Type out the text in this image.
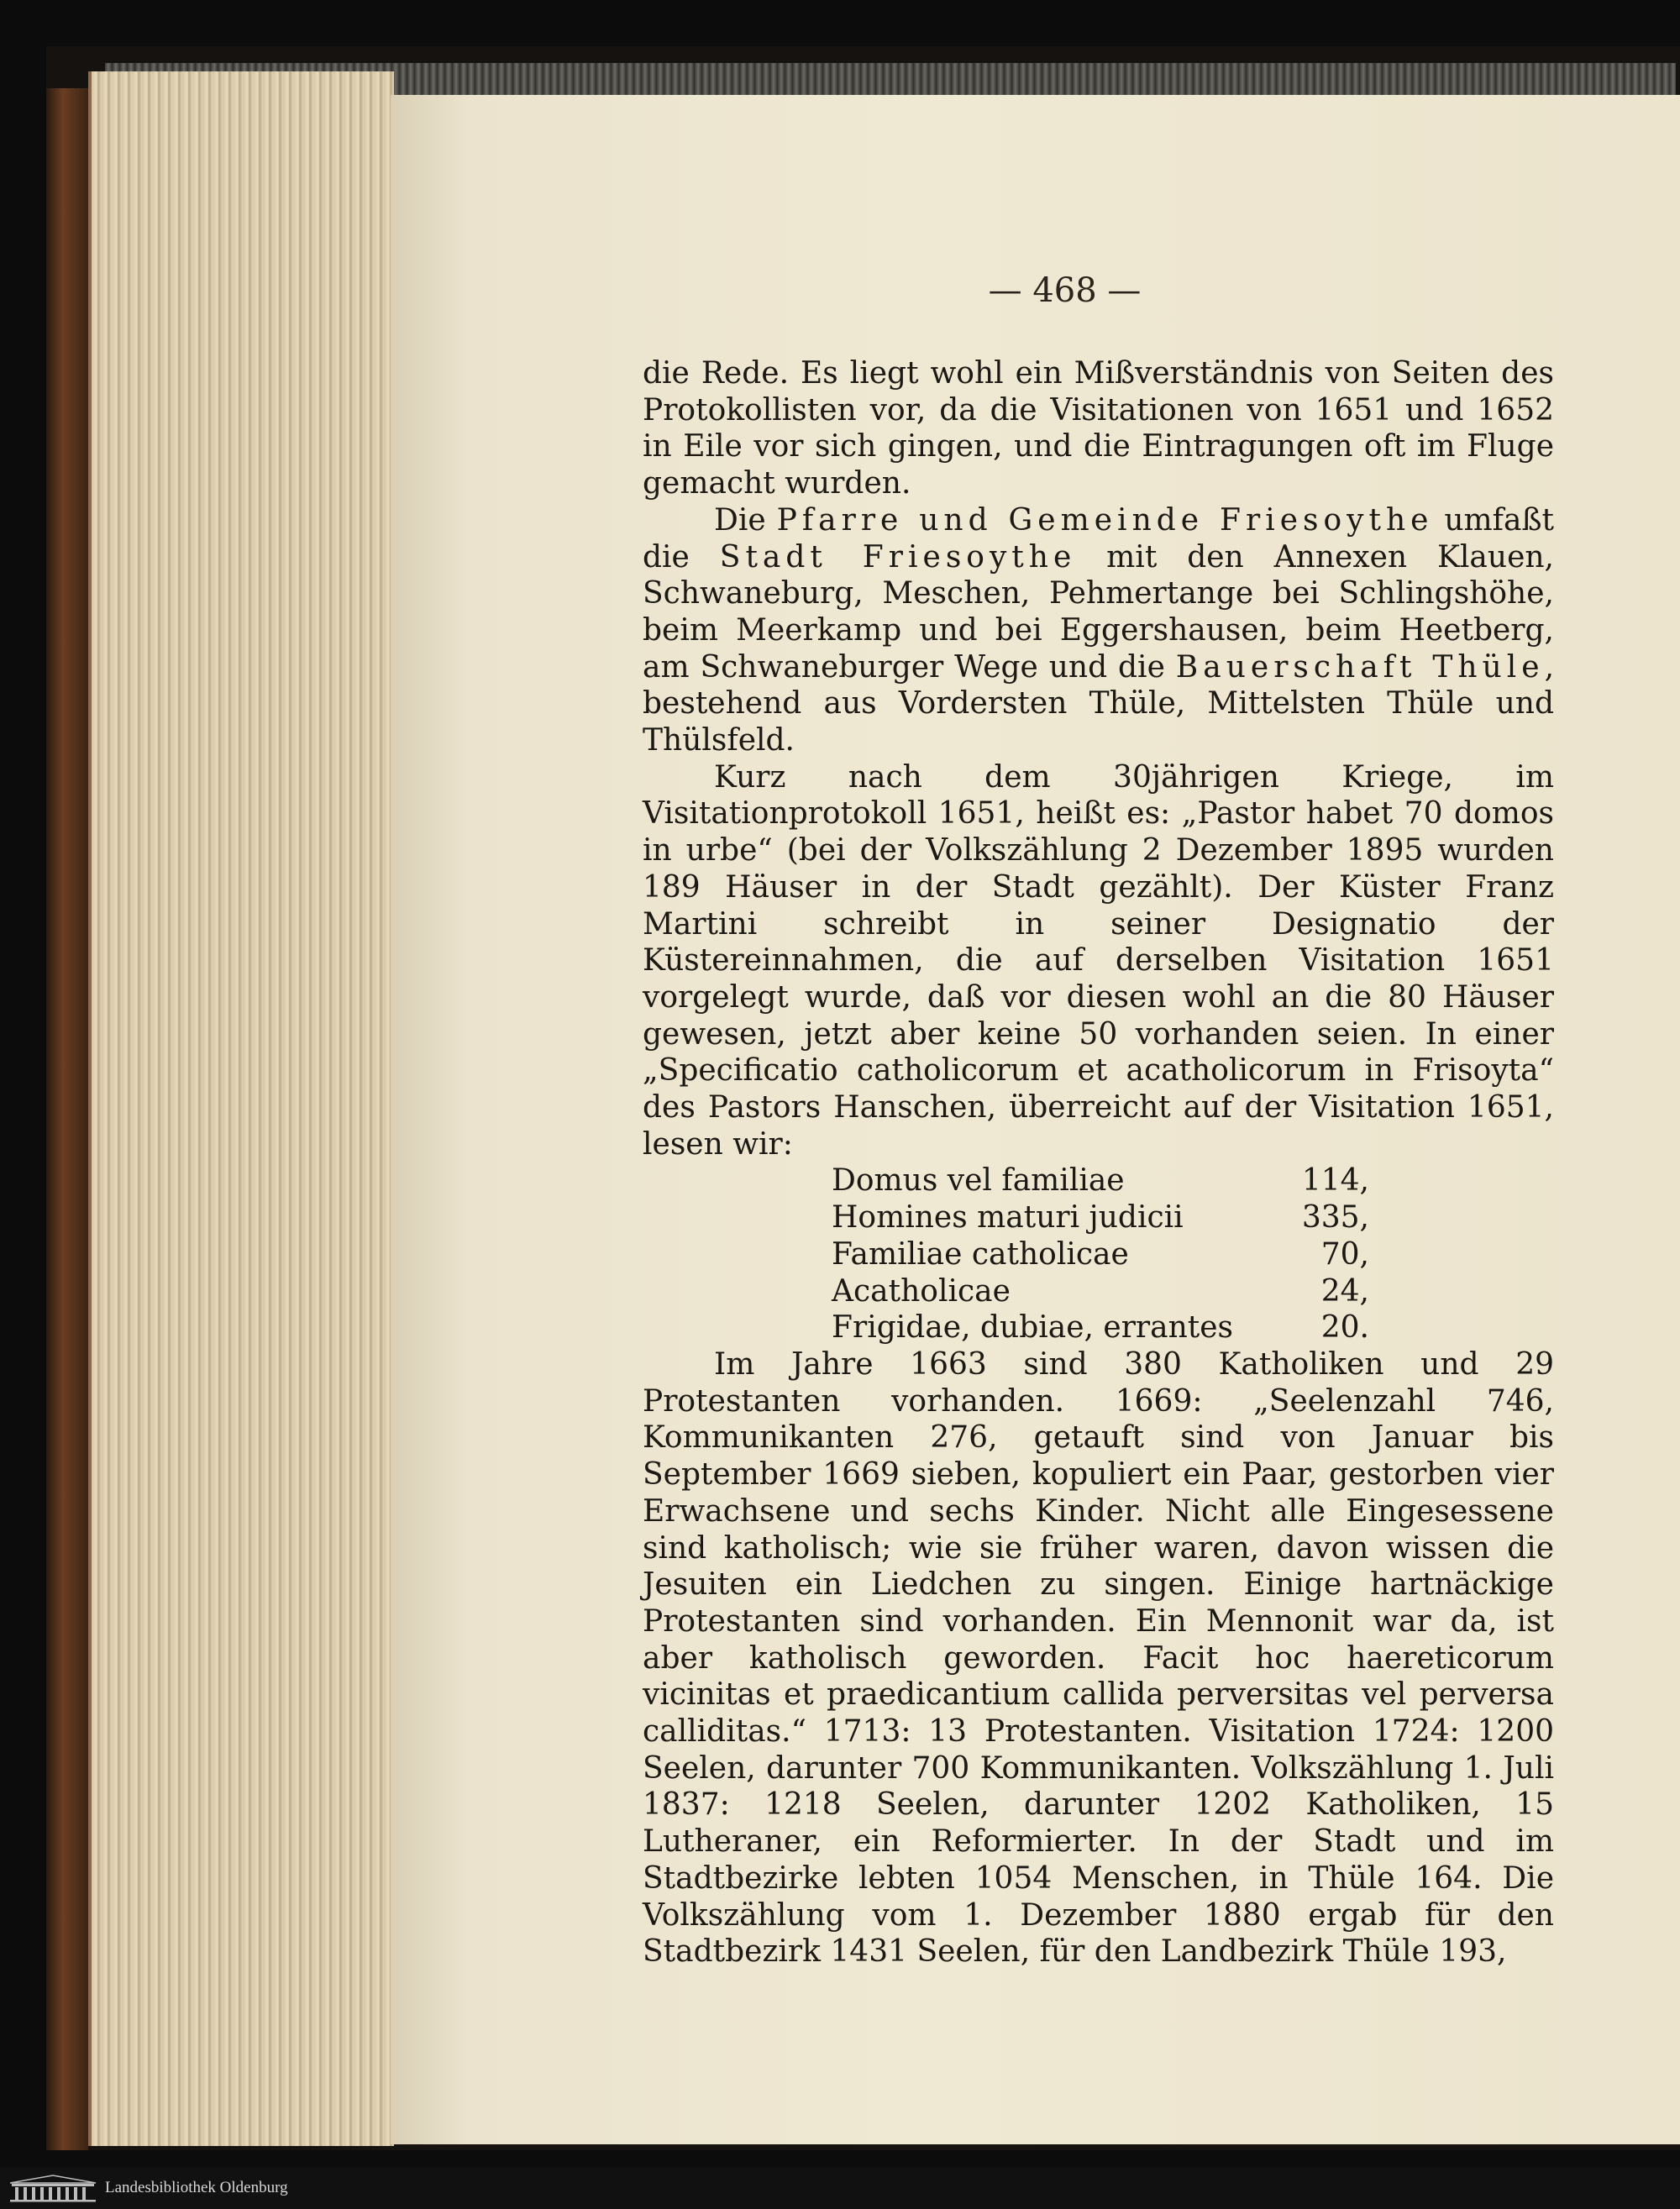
— 468 —

die Rede. Es liegt wohl ein Mißverständnis von Seiten des Protokollisten vor, da die Visitationen von 1651 und 1652 in Eile vor sich gingen, und die Eintragungen oft im Fluge gemacht wurden.

Die Pfarre und Gemeinde Friesoythe umfaßt die Stadt Friesoythe mit den Annexen Klauen, Schwaneburg, Meschen, Pehmertange bei Schlingshöhe, beim Meerkamp und bei Eggershausen, beim Heetberg, am Schwaneburger Wege und die Bauerschaft Thüle, bestehend aus Vordersten Thüle, Mittelsten Thüle und Thülsfeld.

Kurz nach dem 30jährigen Kriege, im Visitationprotokoll 1651, heißt es: „Pastor habet 70 domos in urbe“ (bei der Volkszählung 2 Dezember 1895 wurden 189 Häuser in der Stadt gezählt). Der Küster Franz Martini schreibt in seiner Designatio der Küstereinnahmen, die auf derselben Visitation 1651 vorgelegt wurde, daß vor diesen wohl an die 80 Häuser gewesen, jetzt aber keine 50 vorhanden seien. In einer „Specificatio catholicorum et acatholicorum in Frisoyta“ des Pastors Hanschen, überreicht auf der Visitation 1651, lesen wir:

Domus vel familiae	114,
Homines maturi judicii	335,
Familiae catholicae	70,
Acatholicae	24,
Frigidae, dubiae, errantes	20.

Im Jahre 1663 sind 380 Katholiken und 29 Protestanten vorhanden. 1669: „Seelenzahl 746, Kommunikanten 276, getauft sind von Januar bis September 1669 sieben, kopuliert ein Paar, gestorben vier Erwachsene und sechs Kinder. Nicht alle Eingesessene sind katholisch; wie sie früher waren, davon wissen die Jesuiten ein Liedchen zu singen. Einige hartnäckige Protestanten sind vorhanden. Ein Mennonit war da, ist aber katholisch geworden. Facit hoc haereticorum vicinitas et praedicantium callida perversitas vel perversa calliditas.“ 1713: 13 Protestanten. Visitation 1724: 1200 Seelen, darunter 700 Kommunikanten. Volkszählung 1. Juli 1837: 1218 Seelen, darunter 1202 Katholiken, 15 Lutheraner, ein Reformierter. In der Stadt und im Stadtbezirke lebten 1054 Menschen, in Thüle 164. Die Volkszählung vom 1. Dezember 1880 ergab für den Stadtbezirk 1431 Seelen, für den Landbezirk Thüle 193,

Landesbibliothek Oldenburg
